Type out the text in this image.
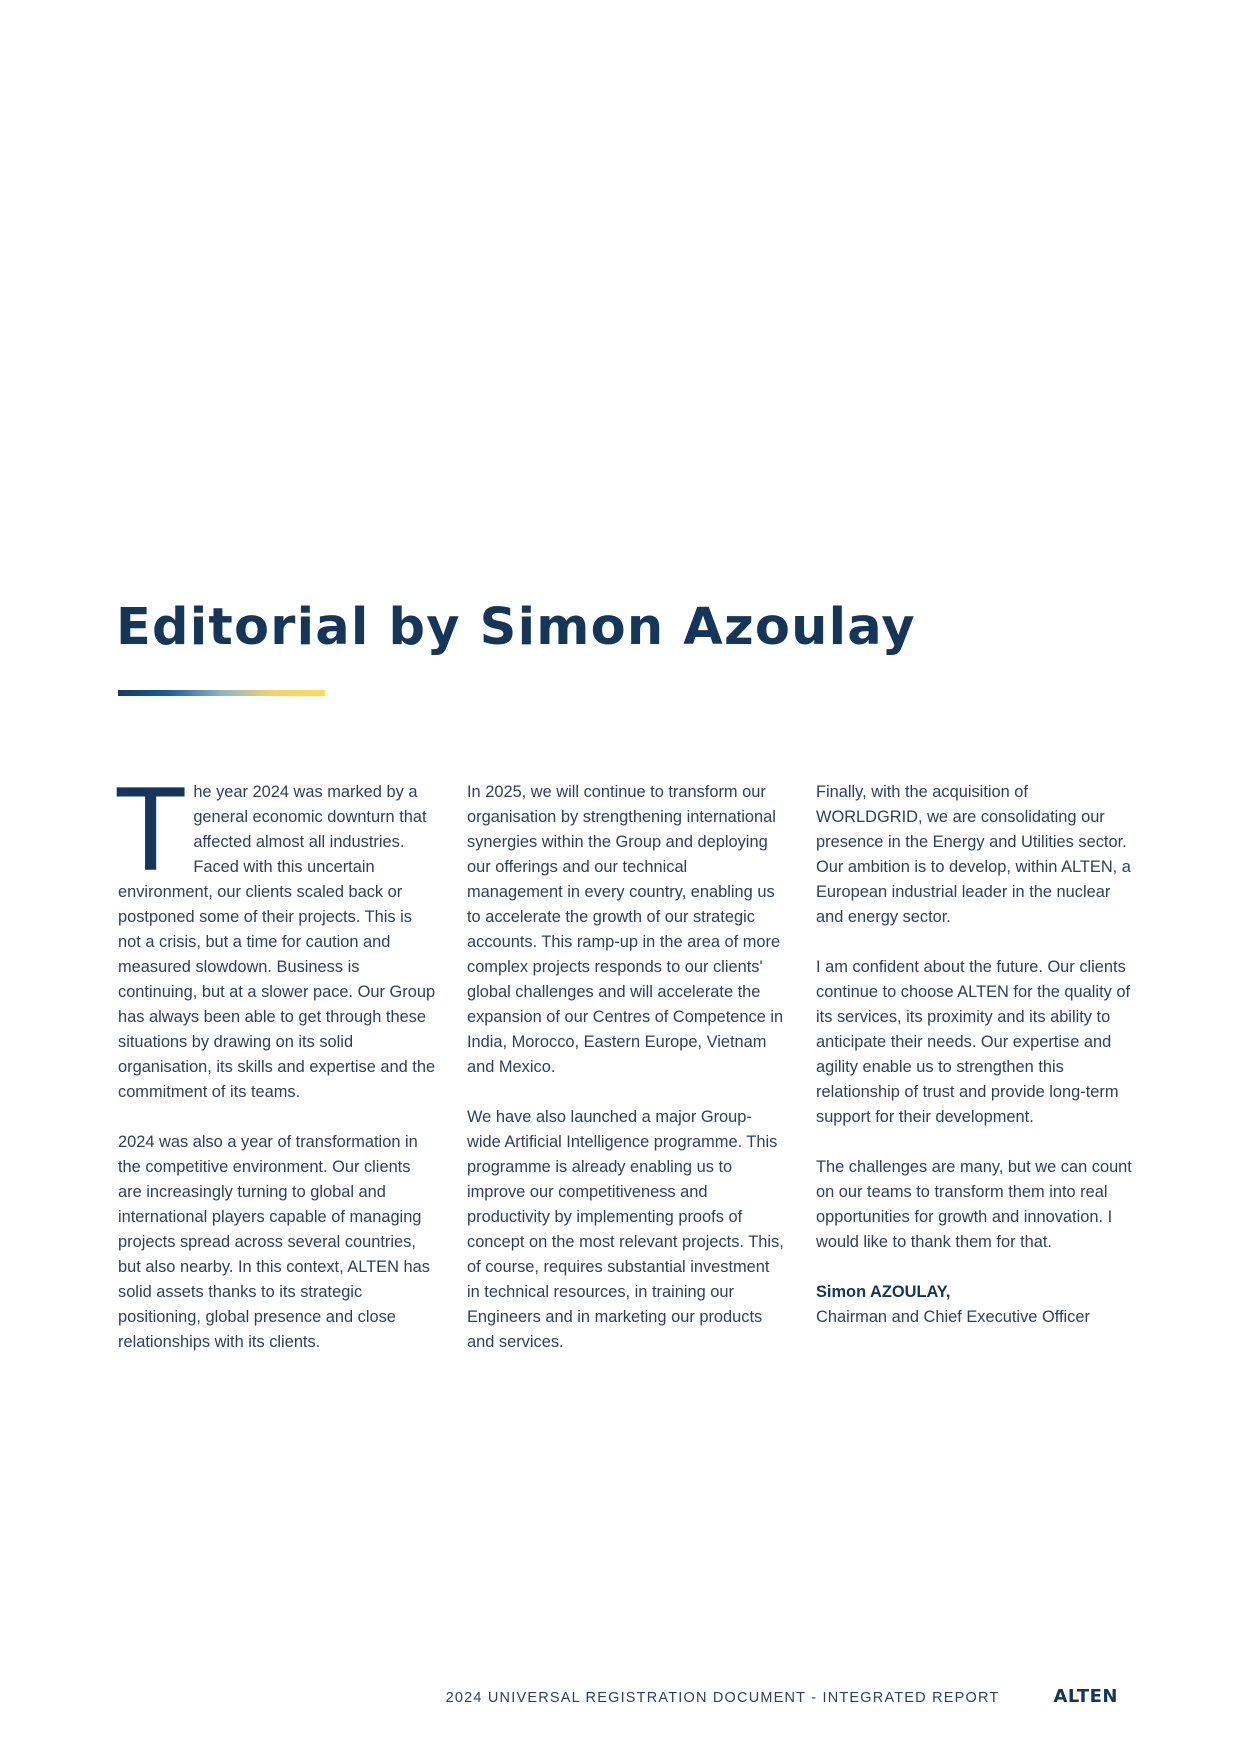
Editorial by Simon Azoulay

The year 2024 was marked by a general economic downturn that affected almost all industries. Faced with this uncertain environment, our clients scaled back or postponed some of their projects. This is not a crisis, but a time for caution and measured slowdown. Business is continuing, but at a slower pace. Our Group has always been able to get through these situations by drawing on its solid organisation, its skills and expertise and the commitment of its teams.

2024 was also a year of transformation in the competitive environment. Our clients are increasingly turning to global and international players capable of managing projects spread across several countries, but also nearby. In this context, ALTEN has solid assets thanks to its strategic positioning, global presence and close relationships with its clients.

In 2025, we will continue to transform our organisation by strengthening international synergies within the Group and deploying our offerings and our technical management in every country, enabling us to accelerate the growth of our strategic accounts. This ramp-up in the area of more complex projects responds to our clients' global challenges and will accelerate the expansion of our Centres of Competence in India, Morocco, Eastern Europe, Vietnam and Mexico.

We have also launched a major Group-wide Artificial Intelligence programme. This programme is already enabling us to improve our competitiveness and productivity by implementing proofs of concept on the most relevant projects. This, of course, requires substantial investment in technical resources, in training our Engineers and in marketing our products and services.

Finally, with the acquisition of WORLDGRID, we are consolidating our presence in the Energy and Utilities sector. Our ambition is to develop, within ALTEN, a European industrial leader in the nuclear and energy sector.

I am confident about the future. Our clients continue to choose ALTEN for the quality of its services, its proximity and its ability to anticipate their needs. Our expertise and agility enable us to strengthen this relationship of trust and provide long-term support for their development.

The challenges are many, but we can count on our teams to transform them into real opportunities for growth and innovation. I would like to thank them for that.

Simon AZOULAY,
Chairman and Chief Executive Officer

2024 UNIVERSAL REGISTRATION DOCUMENT - INTEGRATED REPORT	ALTEN
